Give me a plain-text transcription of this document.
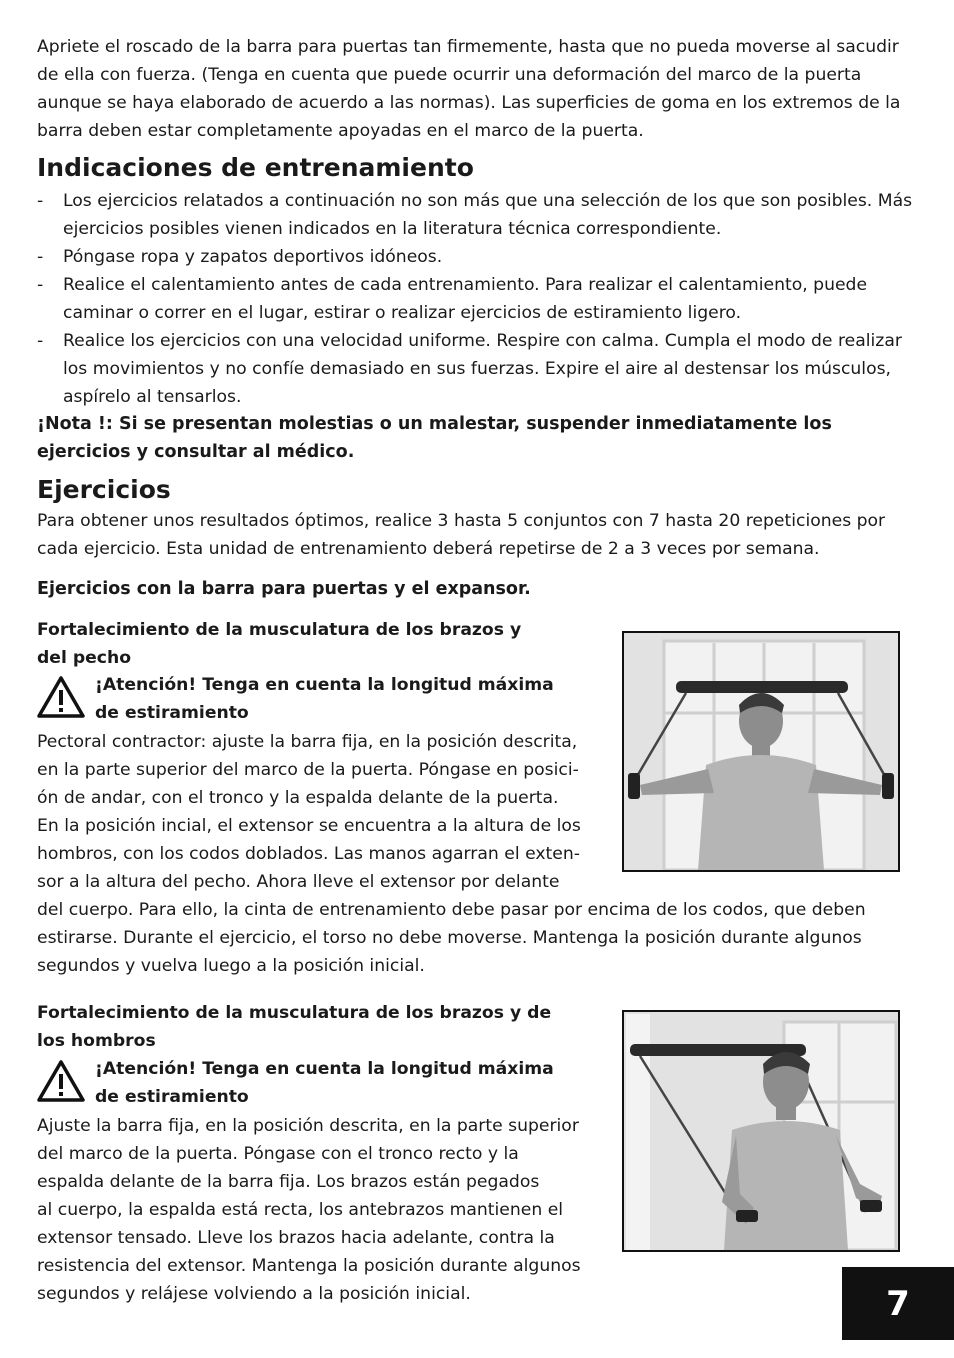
Apriete el roscado de la barra para puertas tan firmemente, hasta que no pueda moverse al sacudir de ella con fuerza. (Tenga en cuenta que puede ocurrir una deformación del marco de la puerta aunque se haya elaborado de acuerdo a las normas). Las superficies de goma en los extremos de la barra deben estar completamente apoyadas en el marco de la puerta.

Indicaciones de entrenamiento
- Los ejercicios relatados a continuación no son más que una selección de los que son posibles. Más ejercicios posibles vienen indicados en la literatura técnica correspondiente.
- Póngase ropa y zapatos deportivos idóneos.
- Realice el calentamiento antes de cada entrenamiento. Para realizar el calentamiento, puede caminar o correr en el lugar, estirar o realizar ejercicios de estiramiento ligero.
- Realice los ejercicios con una velocidad uniforme. Respire con calma. Cumpla el modo de realizar los movimientos y no confíe demasiado en sus fuerzas. Expire el aire al destensar los músculos, aspírelo al tensarlos.

¡Nota !: Si se presentan molestias o un malestar, suspender inmediatamente los ejercicios y consultar al médico.

Ejercicios

Para obtener unos resultados óptimos, realice 3 hasta 5 conjuntos con 7 hasta 20 repeticiones por cada ejercicio. Esta unidad de entrenamiento deberá repetirse de 2 a 3 veces por semana.

Ejercicios con la barra para puertas y el expansor.
Fortalecimiento de la musculatura de los brazos y
del pecho
¡Atención! Tenga en cuenta la longitud máxima
de estiramiento
Pectoral contractor: ajuste la barra fija, en la posición descrita,
en la parte superior del marco de la puerta. Póngase en posici-
ón de andar, con el tronco y la espalda delante de la puerta.
En la posición incial, el extensor se encuentra a la altura de los
hombros, con los codos doblados. Las manos agarran el exten-
sor a la altura del pecho. Ahora lleve el extensor por delante

del cuerpo. Para ello, la cinta de entrenamiento debe pasar por encima de los codos, que deben estirarse. Durante el ejercicio, el torso no debe moverse. Mantenga la posición durante algunos segundos y vuelva luego a la posición inicial.

Fortalecimiento de la musculatura de los brazos y de
los hombros
¡Atención! Tenga en cuenta la longitud máxima
de estiramiento
Ajuste la barra fija, en la posición descrita, en la parte superior
del marco de la puerta. Póngase con el tronco recto y la
espalda delante de la barra fija. Los brazos están pegados
al cuerpo, la espalda está recta, los antebrazos mantienen el
extensor tensado. Lleve los brazos hacia adelante, contra la
resistencia del extensor. Mantenga la posición durante algunos
segundos y relájese volviendo a la posición inicial.	7
